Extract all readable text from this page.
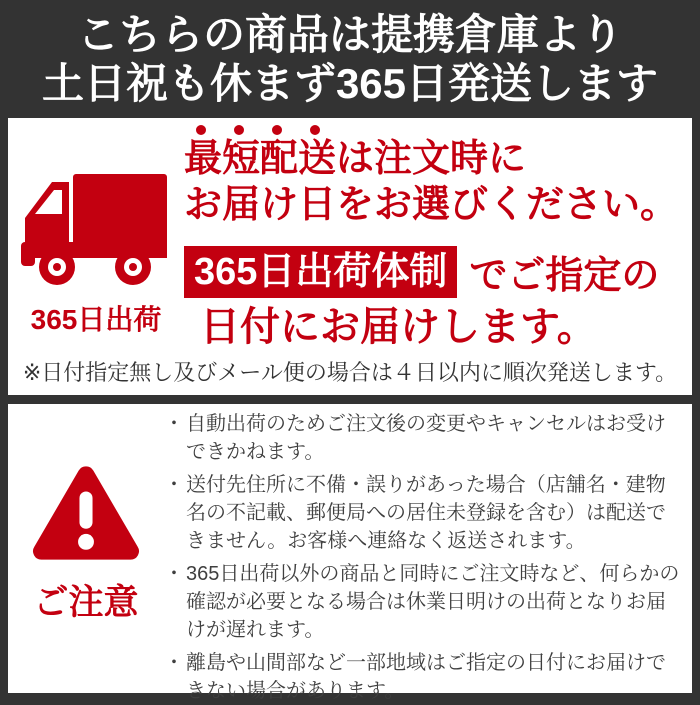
こちらの商品は提携倉庫より
土日祝も休まず365日発送します
365日出荷
最短配送は注文時に
お届け日をお選びください。
365日出荷体制 でご指定の
日付にお届けします。
※日付指定無し及びメール便の場合は４日以内に順次発送します。
ご注意
・ 自動出荷のためご注文後の変更やキャンセルはお受けできかねます。
・ 送付先住所に不備・誤りがあった場合（店舗名・建物名の不記載、郵便局への居住未登録を含む）は配送できません。お客様へ連絡なく返送されます。
・ 365日出荷以外の商品と同時にご注文時など、何らかの確認が必要となる場合は休業日明けの出荷となりお届けが遅れます。
・ 離島や山間部など一部地域はご指定の日付にお届けできない場合があります。
